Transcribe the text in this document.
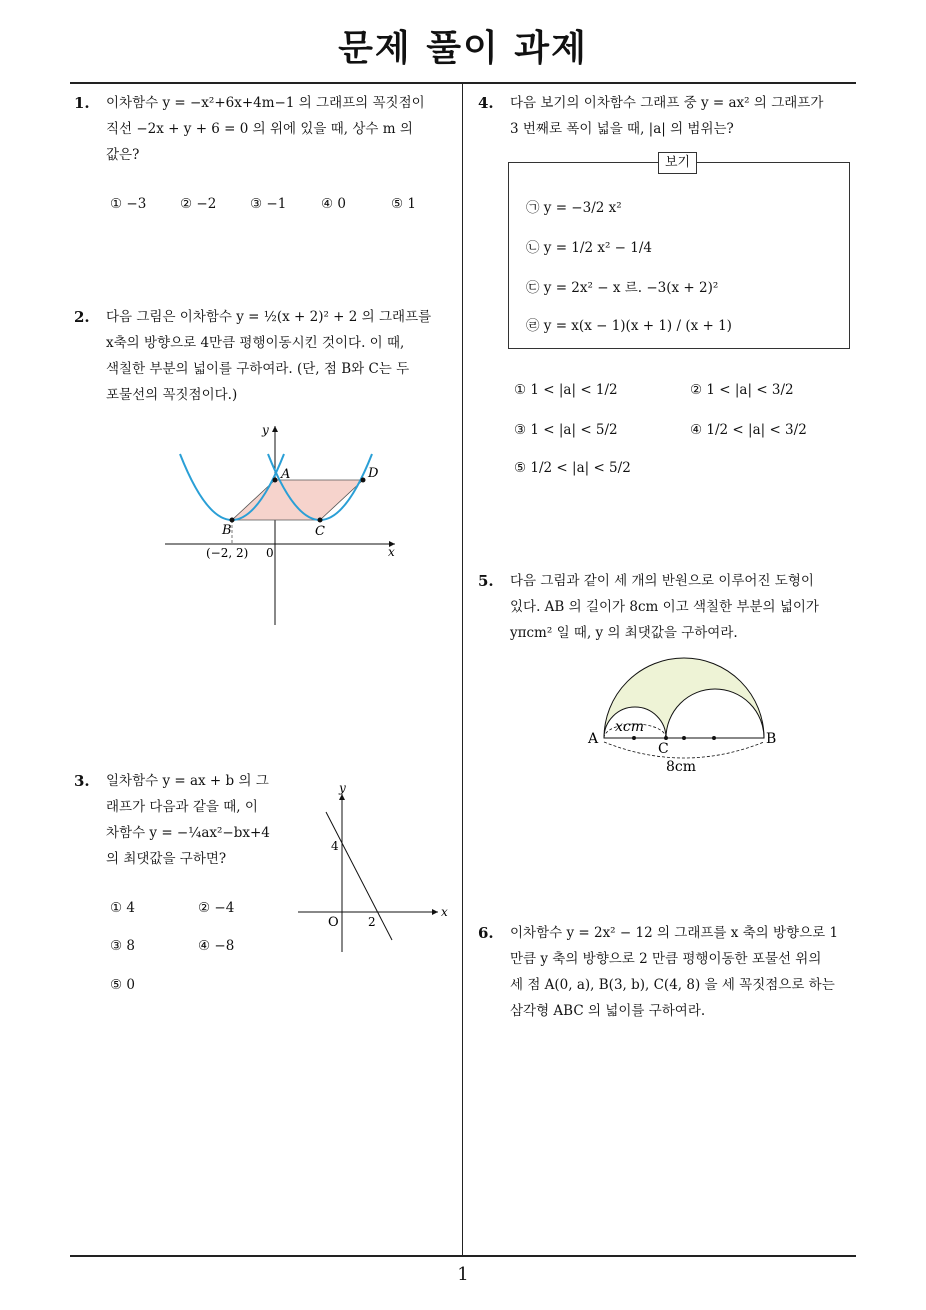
문제 풀이 과제
1
1. 이차함수 y = −x²+6x+4m−1 의 그래프의 꼭짓점이
직선 −2x + y + 6 = 0 의 위에 있을 때, 상수 m 의
값은?
① −3 ② −2 ③ −1	④ 0	⑤ 1
2. 다음 그림은 이차함수 y = ½(x + 2)² + 2 의 그래프를
x축의 방향으로 4만큼 평행이동시킨 것이다. 이 때,
색칠한 부분의 넓이를 구하여라. (단, 점 B와 C는 두
포물선의 꼭짓점이다.)
y
x
A
B	C
D
(−2, 2) 0
3. 일차함수 y = ax + b 의 그
래프가 다음과 같을 때, 이
차함수 y = −¼ax²−bx+4
의 최댓값을 구하면?
① 4	② −4
③ 8	④ −8
⑤ 0
y
x
O
4
2
4. 다음 보기의 이차함수 그래프 중 y = ax² 의 그래프가
3 번째로 폭이 넓을 때, |a| 의 범위는?
보기
㉠ y = −3/2 x²
㉡ y = 1/2 x² − 1/4
㉢ y = 2x² − x 르. −3(x + 2)²
㉣ y = x(x − 1)(x + 1) / (x + 1)
① 1 < |a| < 1/2	② 1 < |a| < 3/2
③ 1 < |a| < 5/2	④ 1/2 < |a| < 3/2
⑤ 1/2 < |a| < 5/2
5. 다음 그림과 같이 세 개의 반원으로 이루어진 도형이
있다. AB 의 길이가 8cm 이고 색칠한 부분의 넓이가
yπcm² 일 때, y 의 최댓값을 구하여라.
A	B
C
xcm
8cm
6. 이차함수 y = 2x² − 12 의 그래프를 x 축의 방향으로 1
만큼 y 축의 방향으로 2 만큼 평행이동한 포물선 위의
세 점 A(0, a), B(3, b), C(4, 8) 을 세 꼭짓점으로 하는
삼각형 ABC 의 넓이를 구하여라.
